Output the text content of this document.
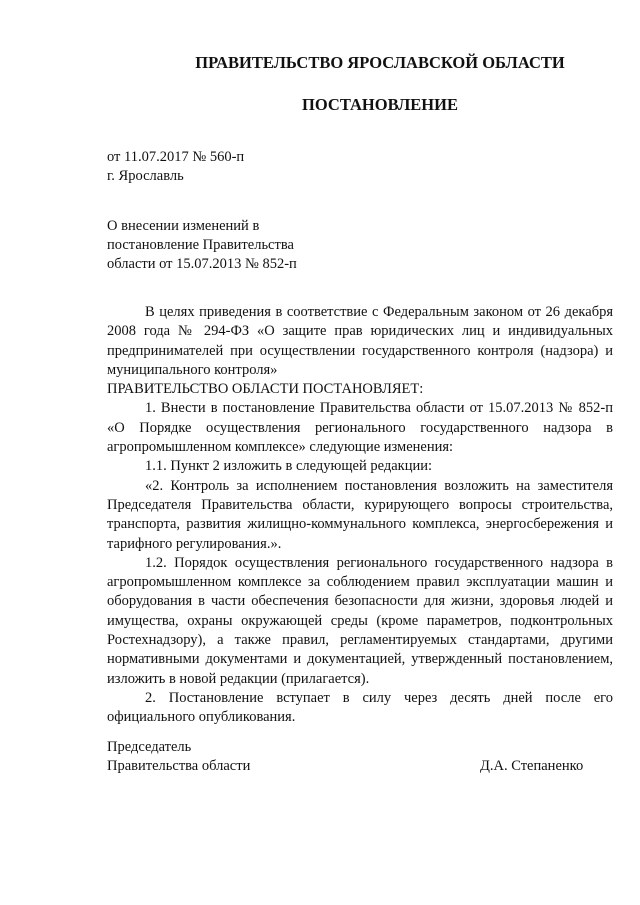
ПРАВИТЕЛЬСТВО ЯРОСЛАВСКОЙ ОБЛАСТИ
ПОСТАНОВЛЕНИЕ
от 11.07.2017 № 560-п
г. Ярославль
О внесении изменений в
постановление Правительства
области от 15.07.2013 № 852-п

В целях приведения в соответствие с Федеральным законом от 26 декабря 2008 года № 294-ФЗ «О защите прав юридических лиц и индивидуальных предпринимателей при осуществлении государственного контроля (надзора) и муниципального контроля»

ПРАВИТЕЛЬСТВО ОБЛАСТИ ПОСТАНОВЛЯЕТ:

1. Внести в постановление Правительства области от 15.07.2013 № 852-п «О Порядке осуществления регионального государственного надзора в агропромышленном комплексе» следующие изменения:

1.1. Пункт 2 изложить в следующей редакции:

«2. Контроль за исполнением постановления возложить на заместителя Председателя Правительства области, курирующего вопросы строительства, транспорта, развития жилищно-коммунального комплекса, энергосбережения и тарифного регулирования.».

1.2. Порядок осуществления регионального государственного надзора в агропромышленном комплексе за соблюдением правил эксплуатации машин и оборудования в части обеспечения безопасности для жизни, здоровья людей и имущества, охраны окружающей среды (кроме параметров, подконтрольных Ростехнадзору), а также правил, регламентируемых стандартами, другими нормативными документами и документацией, утвержденный постановлением, изложить в новой редакции (прилагается).

2. Постановление вступает в силу через десять дней после его официального опубликования.

Председатель
Правительства области	Д.А. Степаненко
